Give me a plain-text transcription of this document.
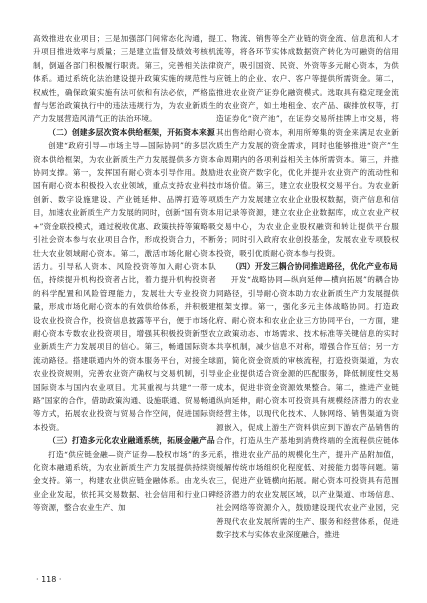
高效推进农业项目；三是加强部门间常态化沟通，提升项目推进效率与质量；三是建立监督及绩效考核机制，倒逼各部门积极履行职责。第三，完善相关法律体系。通过系统化法治建设提升政策实施的规范性与权威性，确保政策实施有法可依和有法必依，严格监督与惩治政策执行中的违法违规行为，为农业新质生产力发展营造风清气正的法治环境。

（二）创建多层次资本供给框架，开拓资本来源

创建“政府引导—市场主导—国际协同”的多层次资本供给框架，为农业新质生产力发展提供多方资本协同支撑。第一，发挥国有耐心资本引导作用。鼓励国有耐心资本积极投入农业领域，重点支持农业科技创新、数字设施建设、产业链延伸、品牌打造等项目，加速农业新质生产力发展的同时，创新“国有资本+”资金联投模式，通过税收优惠、政策扶持等策略吸引社会资本参与农业项目合作，形成投资合力，不断壮大农业领域耐心资本。第二，激活市场化耐心资本活力。引导私人资本、风险投资等加入耐心资本队伍，持续提升机构投资者占比，着力提升机构投资者的科学配置和风险管理能力，发展壮大专业投资力量，形成市场化耐心资本的有效供给体系，并积极建设农业投资合作，投资信息披露等平台，便于市场化耐心资本专数农业投资项目，增强其积极投资新型农业新质生产力发展项目的信心。第三，畅通国际资本流动路径。搭建联通内外的资本服务平台，对接全球农业投资规则，完善农业资产确权与交易机制，引导国际资本与国内农业项目。尤其重视与共建“一带一路”国家的合作，借助政策沟通、设施联通、贸易畅通等方式，拓展农业投资与贸易合作空间，促进国际资本投资。

（三）打造多元化农业融通系统，拓展金融产品

打造“供应链金融—资产证券—股权市场”的多元化资本融通系统，为农业新质生产力发展提供持续资金支持。第一，构建农业供应链金融体系。由龙头农业企业发起，依托其交易数据、社会信用和行业口碑等资源，整合农业生产、加

工、物流、销售等全产业链的资金流、信息流和人才流等，将各环节实体成数据资产转化为可融资的信用资产，吸引国资、民资、外资等多元耐心资本，为供应链上的企业、农户、客户等提供所需资金。第二，推进农业资产证券化融资模式。选取具有稳定现金流的农业资产，如土地租金、农产品、碳排放权等，打造证券化“资产池”，在证券交易所挂牌上市交易，将其出售给耐心资本，利用所筹集的资金来满足农业新质生产力发展的资金需求，同时也能够推进“资产”生命周期内的各项利益相关主体所需资本。第三，并推进农业资产数字化，优化并提升农业资产的流动性和市场价值。第三，建立农业股权交易平台。为农业新质生产力发展建立农业企业股权数据，资产信息和信用记录等资源，建立农业企业数据库，成立农业产权交易中心，为农业企业股权融资和转让提供平台服务；同时引入政府农业创投基金，发展农业专项股权投资，吸引优质耐心资本参与投资。

（四）开发三耦合协同推进路径，优化产业布局

开发“战略协同—纵向延伸—横向拓展”的耦合协同路径，引导耐心资本助力农业新质生产力发展提供框架支撑。第一，强化多元主体战略协同。打造政府、耐心资本和农业企业三方协同平台，一方面，建立政策动态、市场需求、技术标准等关键信息的实时共享机制，减少信息不对称，增强合作互信；另一方面，简化资金资质的审核流程，打造投资渠道，为农业企业提供适合资金源的匹配服务，降低制度性交易成本，促进非资金资源效果整合。第二，推进产业链纵向延伸，耐心资本可投资具有规模经济潜力的农业经营主体，以现代化技术、人脉网络、销售渠道为资源嵌入，促成上游生产资料供应到下游农产品销售的合作，打造从生产基地到消费终端的全流程供应链体系，推进农业产品的规模化生产，提升产品附加值，缓解传统市场组织化程度低、对接能力弱等问题。第三，促进产业链横向拓展。耐心资本可投资具有范围经济潜力的农业发展区域，以产业渠道、市场信息、社会网络等资源介入，鼓励建设现代农业产业园，完善现代农业发展所需的生产、服务和经营体系，促进数字技术与实体农业深度融合，推进

· 118 ·
